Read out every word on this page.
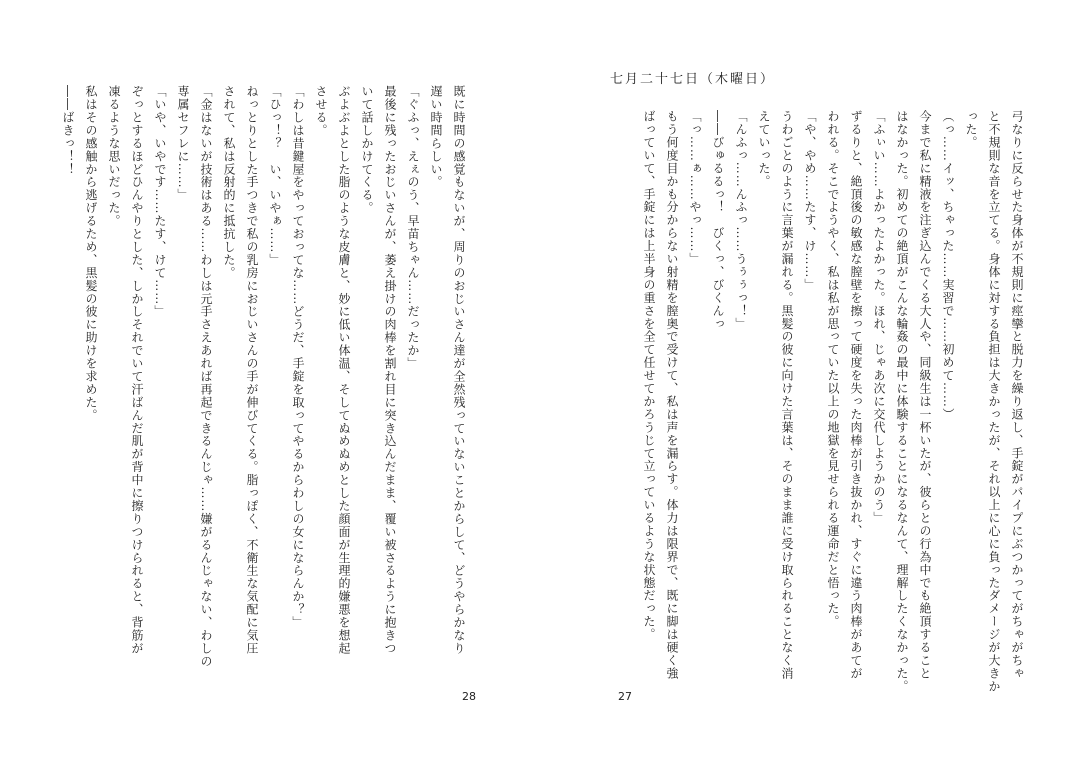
既に時間の感覚もないが、周りのおじいさん達が全然残っていないことからして、どうやらかなり
遅い時間らしい。
「ぐふっ、えぇのう、早苗ちゃん……だったか」
最後に残ったおじいさんが、萎え掛けの肉棒を割れ目に突き込んだまま、覆い被さるように抱きつ
いて話しかけてくる。
ぶよぶよとした脂のような皮膚と、妙に低い体温、そしてぬめぬめとした顔面が生理的嫌悪を想起
させる。
「わしは昔鍵屋をやっておってな……どうだ、手錠を取ってやるからわしの女にならんか？」
「ひっ！？　い、いやぁ……」
ねっとりとした手つきで私の乳房におじいさんの手が伸びてくる。脂っぽく、不衛生な気配に気圧
されて、私は反射的に抵抗した。
「金はないが技術はある……わしは元手さえあれば再起できるんじゃ……嫌がるんじゃない、わしの
専属セフレに……」
「いや、いやです……たす、けて……」
ぞっとするほどひんやりとした、しかしそれでいて汗ばんだ肌が背中に擦りつけられると、背筋が
凍るような思いだった。
私はその感触から逃げるため、黒髪の彼に助けを求めた。
――ばきっ！！
28
七月二十七日（木曜日）
弓なりに反らせた身体が不規則に痙攣と脱力を繰り返し、手錠がパイプにぶつかってがちゃがちゃ
と不規則な音を立てる。身体に対する負担は大きかったが、それ以上に心に負ったダメージが大きか
った。
（っ……イッ、ちゃった……実習で……初めて……）
今まで私に精液を注ぎ込んでくる大人や、同級生は一杯いたが、彼らとの行為中でも絶頂すること
はなかった。初めての絶頂がこんな輪姦の最中に体験することになるなんて、理解したくなかった。
「ふぃい……よかったよかった。ほれ、じゃあ次に交代しようかのう」
ずるりと、絶頂後の敏感な膣壁を擦って硬度を失った肉棒が引き抜かれ、すぐに違う肉棒があてが
われる。そこでようやく、私は私が思っていた以上の地獄を見せられる運命だと悟った。
「や、やめ……たす、け……」
うわごとのように言葉が漏れる。黒髪の彼に向けた言葉は、そのまま誰に受け取られることなく消
えていった。
「んふっ……んふっ……うぅぅっ！」
――びゅるるっ！　びくっ、びくんっ
「っ……ぁ……やっ……」
もう何度目かも分からない射精を膣奥で受けて、私は声を漏らす。体力は限界で、既に脚は硬く強
ばっていて、手錠には上半身の重さを全て任せてかろうじて立っているような状態だった。
27
